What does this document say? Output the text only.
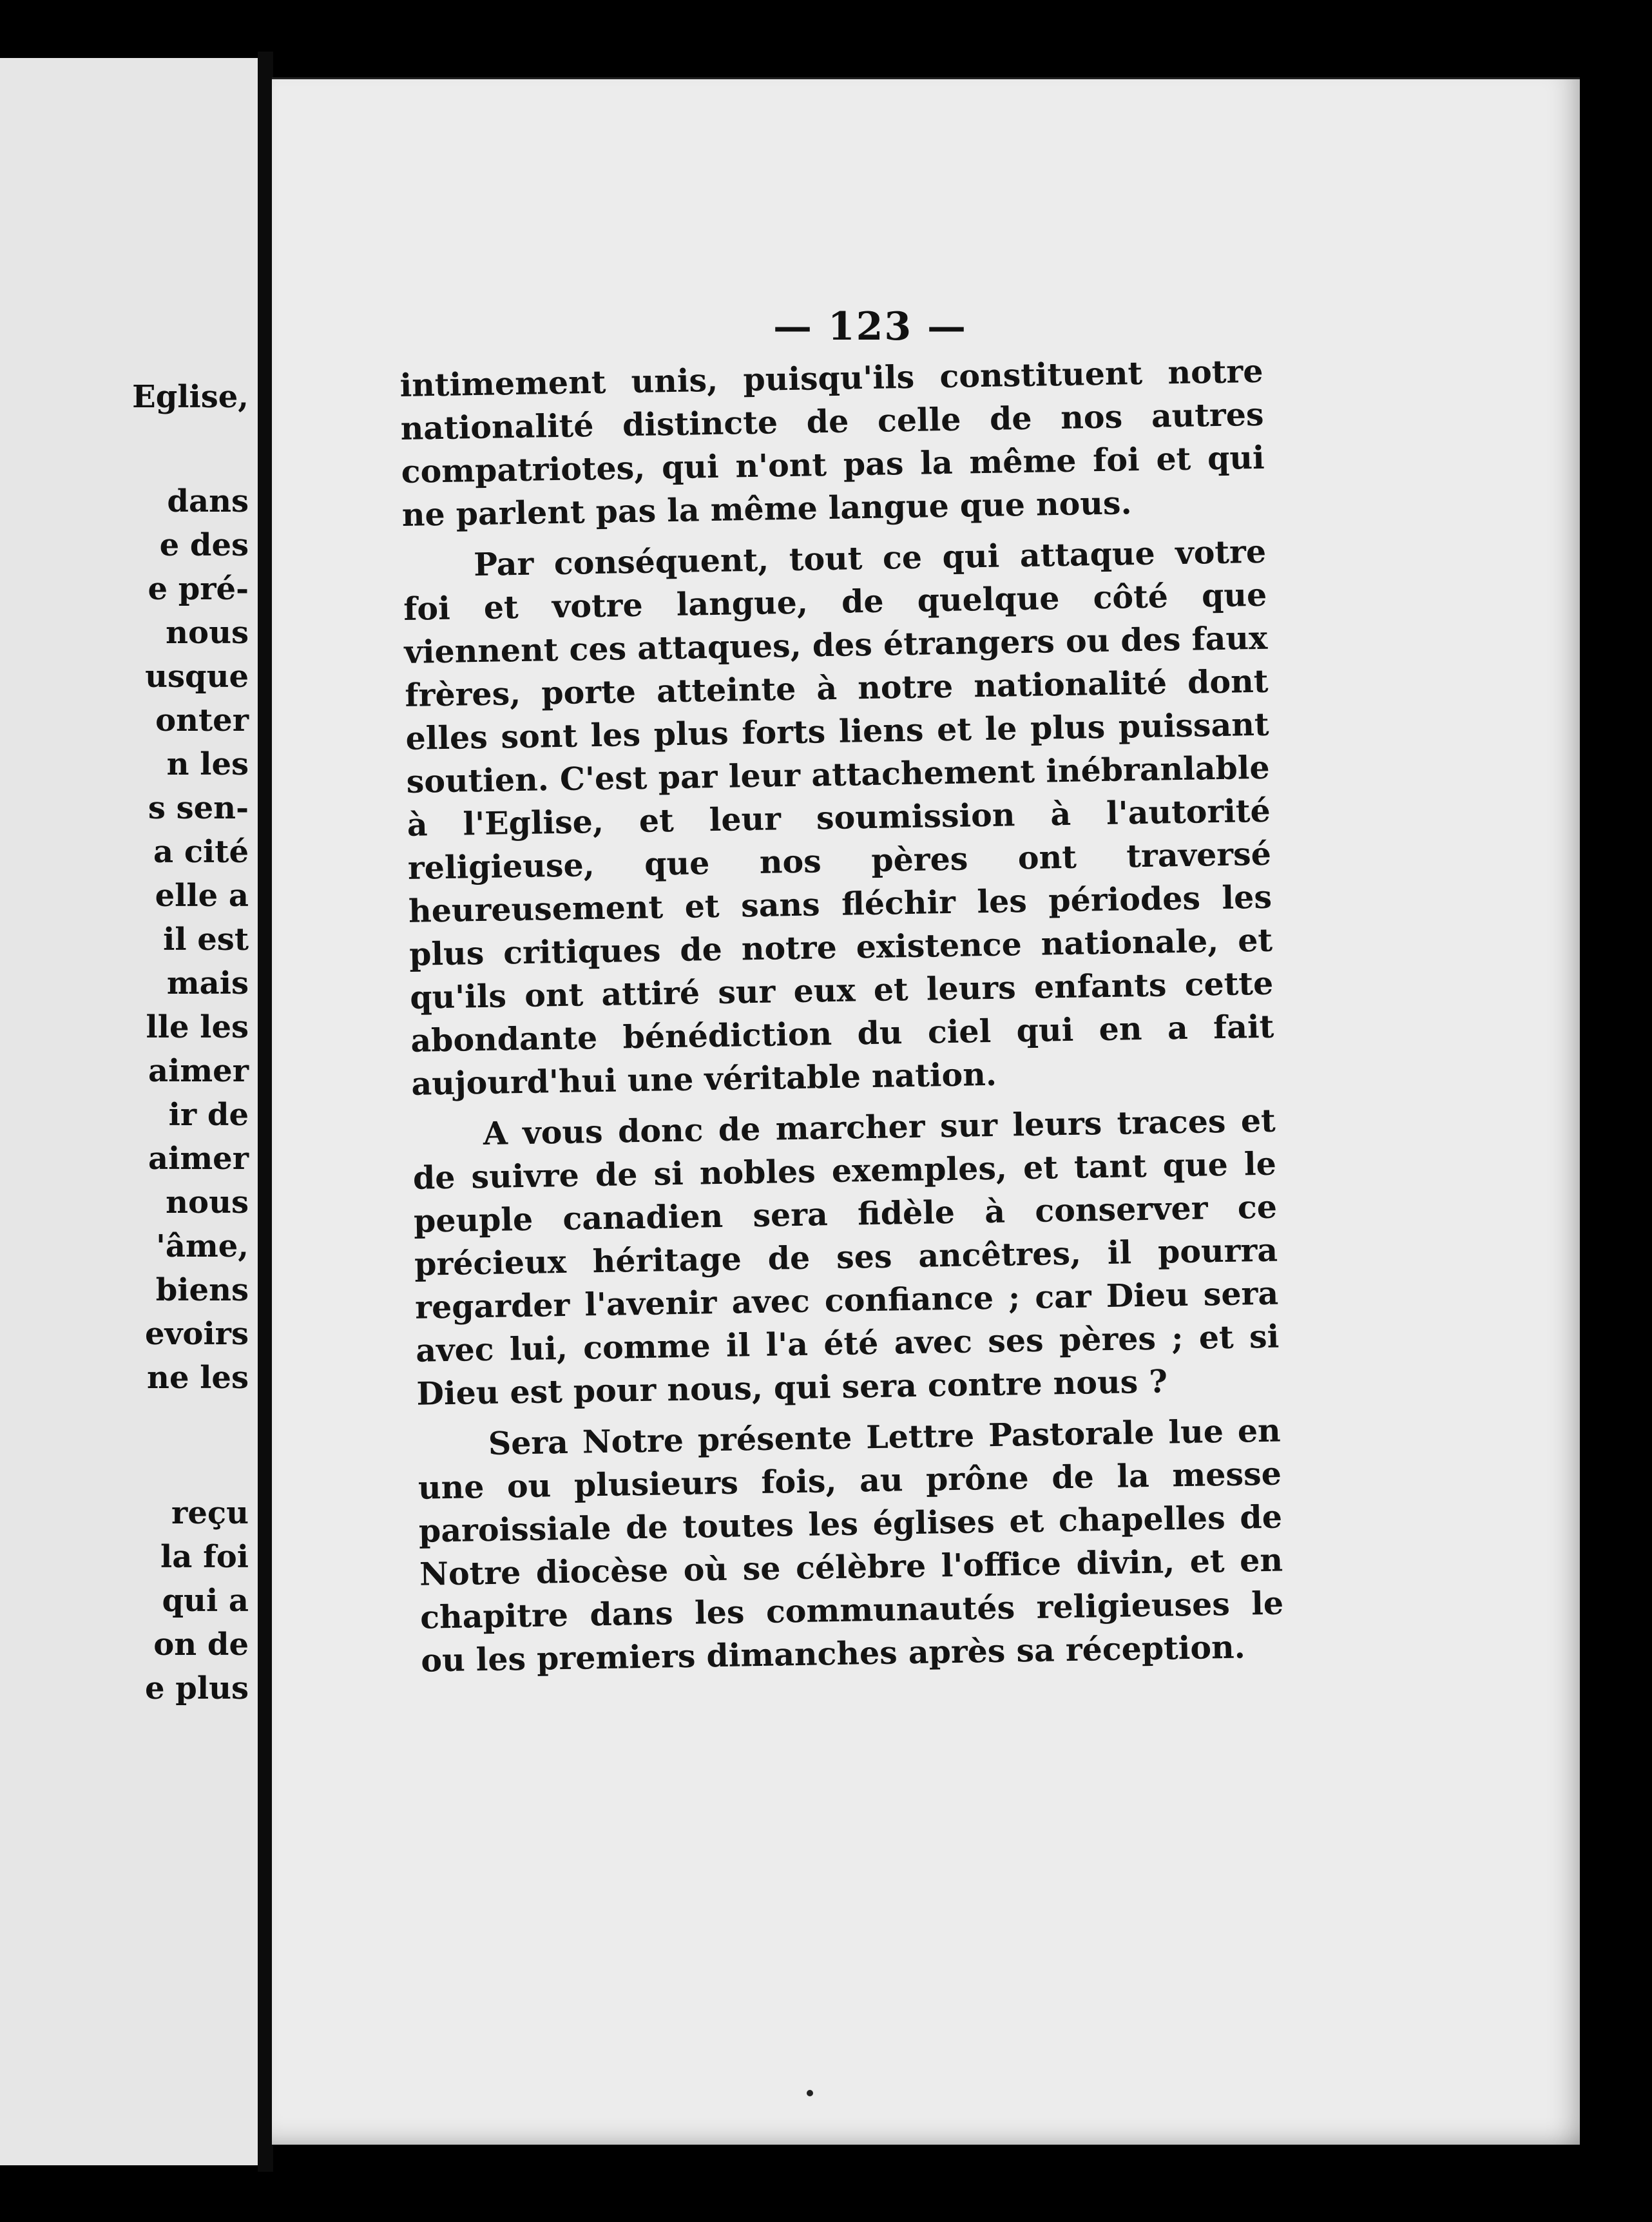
Eglise,
dans
e des
e pré-
nous
usque
onter
n les
s sen-
a cité
elle a
il est
mais
lle les
aimer
ir de
aimer
nous
'âme,
biens
evoirs
ne les
reçu
la foi
qui a
on de
e plus
— 123 —

intimement unis, puisqu'ils constituent notre nationalité distincte de celle de nos autres compatriotes, qui n'ont pas la même foi et qui ne parlent pas la même langue que nous.

Par conséquent, tout ce qui attaque votre foi et votre langue, de quelque côté que viennent ces attaques, des étrangers ou des faux frères, porte atteinte à notre nationalité dont elles sont les plus forts liens et le plus puissant soutien. C'est par leur attachement inébranlable à l'Eglise, et leur soumission à l'autorité religieuse, que nos pères ont traversé heureusement et sans fléchir les périodes les plus critiques de notre existence nationale, et qu'ils ont attiré sur eux et leurs enfants cette abondante bénédiction du ciel qui en a fait aujourd'hui une véritable nation.

A vous donc de marcher sur leurs traces et de suivre de si nobles exemples, et tant que le peuple canadien sera fidèle à conserver ce précieux héritage de ses ancêtres, il pourra regarder l'avenir avec confiance ; car Dieu sera avec lui, comme il l'a été avec ses pères ; et si Dieu est pour nous, qui sera contre nous ?

Sera Notre présente Lettre Pastorale lue en une ou plusieurs fois, au prône de la messe paroissiale de toutes les églises et chapelles de Notre diocèse où se célèbre l'office divin, et en chapitre dans les communautés religieuses le ou les premiers dimanches après sa réception.
